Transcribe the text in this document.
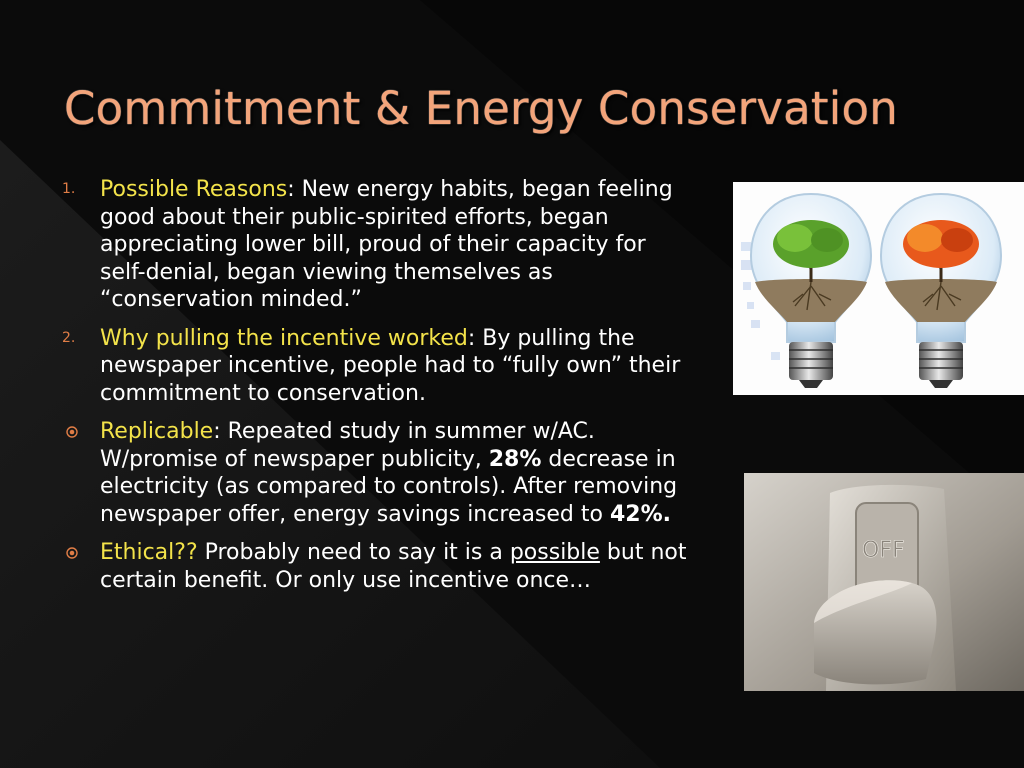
Commitment & Energy Conservation
1. Possible Reasons: New energy habits, began feeling good about their public-spirited efforts, began appreciating lower bill, proud of their capacity for self-denial, began viewing themselves as “conservation minded.”
2. Why pulling the incentive worked: By pulling the newspaper incentive, people had to “fully own” their commitment to conservation.
Replicable: Repeated study in summer w/AC. W/promise of newspaper publicity, 28% decrease in electricity (as compared to controls). After removing newspaper offer, energy savings increased to 42%.
Ethical?? Probably need to say it is a possible but not certain benefit. Or only use incentive once…
OFF
